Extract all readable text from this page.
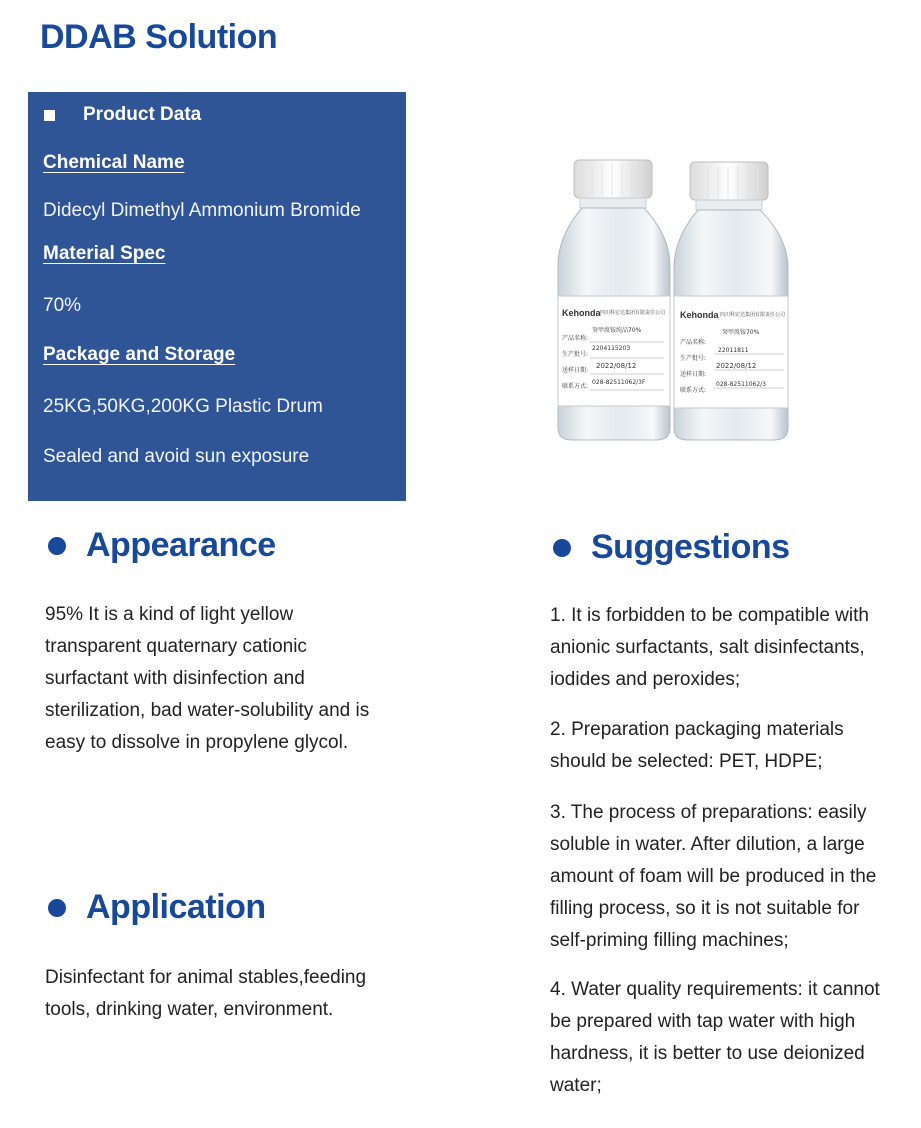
DDAB Solution
Product Data
Chemical Name
Didecyl Dimethyl Ammonium Bromide
Material Spec
70%
Package and Storage
25KG,50KG,200KG Plastic Drum
Sealed and avoid sun exposure
Kehonda 四川科宏达集团有限责任公司
产品名称:
癸甲溴铵纯品70%
生产批号:
2204115203
送样日期:
2022/08/12
联系方式:
028-82511062/3F
Kehonda 四川科宏达集团有限责任公司
癸甲溴铵70%
产品名称:
22011811
生产批号:
2022/08/12
送样日期:
028-82511062/3
联系方式:
Appearance
95% It is a kind of light yellow
transparent quaternary cationic
surfactant with disinfection and
sterilization, bad water-solubility and is
easy to dissolve in propylene glycol.
Application
Disinfectant for animal stables,feeding
tools, drinking water, environment.
Suggestions
1. It is forbidden to be compatible with
anionic surfactants, salt disinfectants,
iodides and peroxides;
2. Preparation packaging materials
should be selected: PET, HDPE;
3. The process of preparations: easily
soluble in water. After dilution, a large
amount of foam will be produced in the
filling process, so it is not suitable for
self-priming filling machines;
4. Water quality requirements: it cannot
be prepared with tap water with high
hardness, it is better to use deionized
water;
